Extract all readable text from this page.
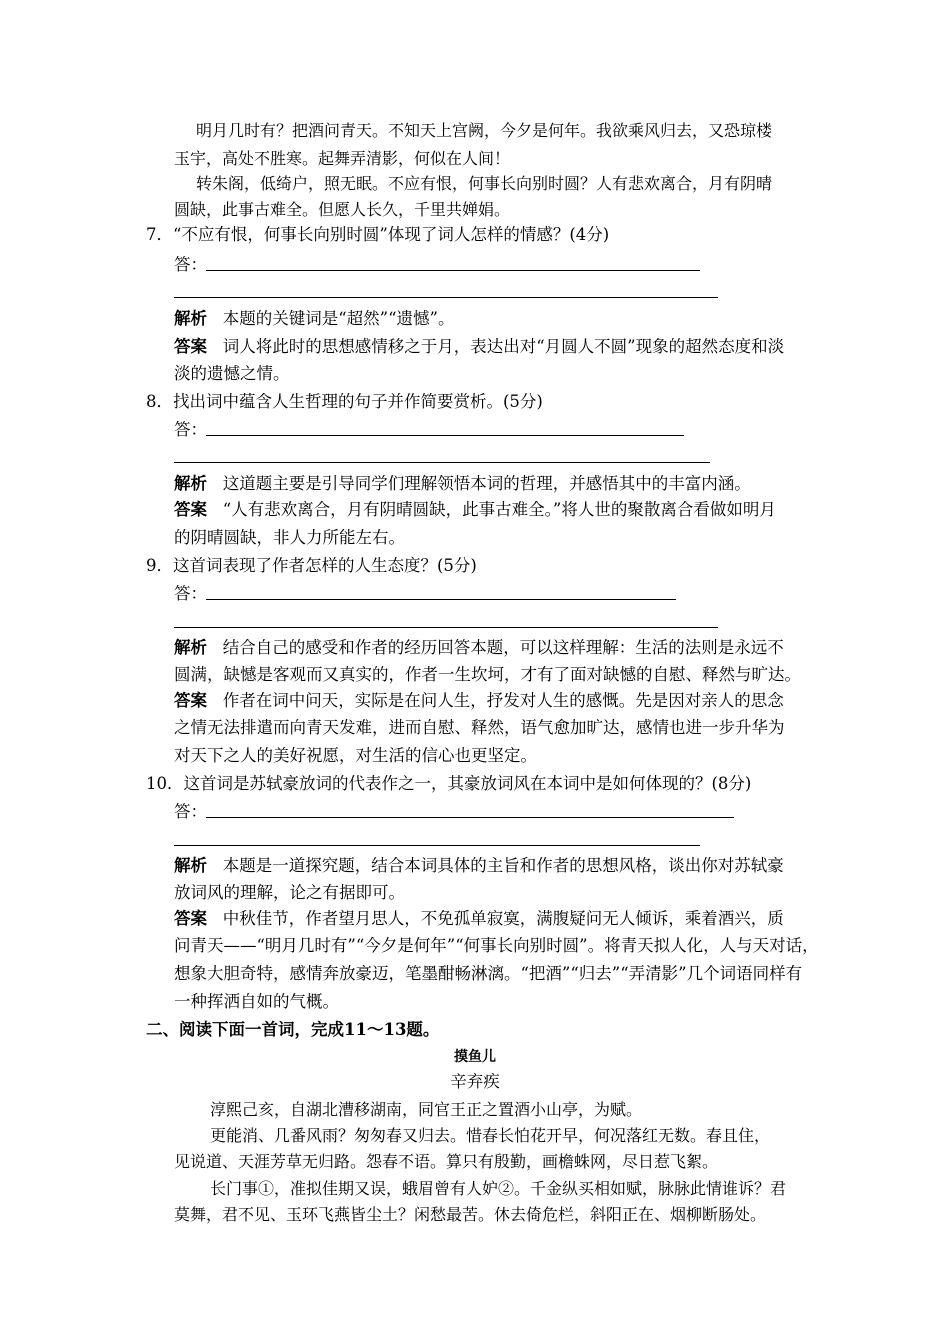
明月几时有？把酒问青天。不知天上宫阙，今夕是何年。我欲乘风归去，又恐琼楼
玉宇，高处不胜寒。起舞弄清影，何似在人间！
转朱阁，低绮户，照无眠。不应有恨，何事长向别时圆？人有悲欢离合，月有阴晴
圆缺，此事古难全。但愿人长久，千里共婵娟。
7．“不应有恨，何事长向别时圆”体现了词人怎样的情感？(4分)
答：
解析 本题的关键词是“超然”“遗憾”。
答案 词人将此时的思想感情移之于月，表达出对“月圆人不圆”现象的超然态度和淡
淡的遗憾之情。
8．找出词中蕴含人生哲理的句子并作简要赏析。(5分)
答：
解析 这道题主要是引导同学们理解领悟本词的哲理，并感悟其中的丰富内涵。
答案 “人有悲欢离合，月有阴晴圆缺，此事古难全。”将人世的聚散离合看做如明月
的阴晴圆缺，非人力所能左右。
9．这首词表现了作者怎样的人生态度？(5分)
答：
解析 结合自己的感受和作者的经历回答本题，可以这样理解：生活的法则是永远不
圆满，缺憾是客观而又真实的，作者一生坎坷，才有了面对缺憾的自慰、释然与旷达。
答案 作者在词中问天，实际是在问人生，抒发对人生的感慨。先是因对亲人的思念
之情无法排遣而向青天发难，进而自慰、释然，语气愈加旷达，感情也进一步升华为
对天下之人的美好祝愿，对生活的信心也更坚定。
10．这首词是苏轼豪放词的代表作之一，其豪放词风在本词中是如何体现的？(8分)
答：
解析 本题是一道探究题，结合本词具体的主旨和作者的思想风格，谈出你对苏轼豪
放词风的理解，论之有据即可。
答案 中秋佳节，作者望月思人，不免孤单寂寞，满腹疑问无人倾诉，乘着酒兴，质
问青天——“明月几时有”“今夕是何年”“何事长向别时圆”。将青天拟人化，人与天对话，
想象大胆奇特，感情奔放豪迈，笔墨酣畅淋漓。“把酒”“归去”“弄清影”几个词语同样有
一种挥洒自如的气概。
二、阅读下面一首词，完成11～13题。
摸鱼儿
辛弃疾
淳熙己亥，自湖北漕移湖南，同官王正之置酒小山亭，为赋。
更能消、几番风雨？匆匆春又归去。惜春长怕花开早，何况落红无数。春且住，
见说道、天涯芳草无归路。怨春不语。算只有殷勤，画檐蛛网，尽日惹飞絮。
长门事①，准拟佳期又误，蛾眉曾有人妒②。千金纵买相如赋，脉脉此情谁诉？君
莫舞，君不见、玉环飞燕皆尘土？闲愁最苦。休去倚危栏，斜阳正在、烟柳断肠处。
